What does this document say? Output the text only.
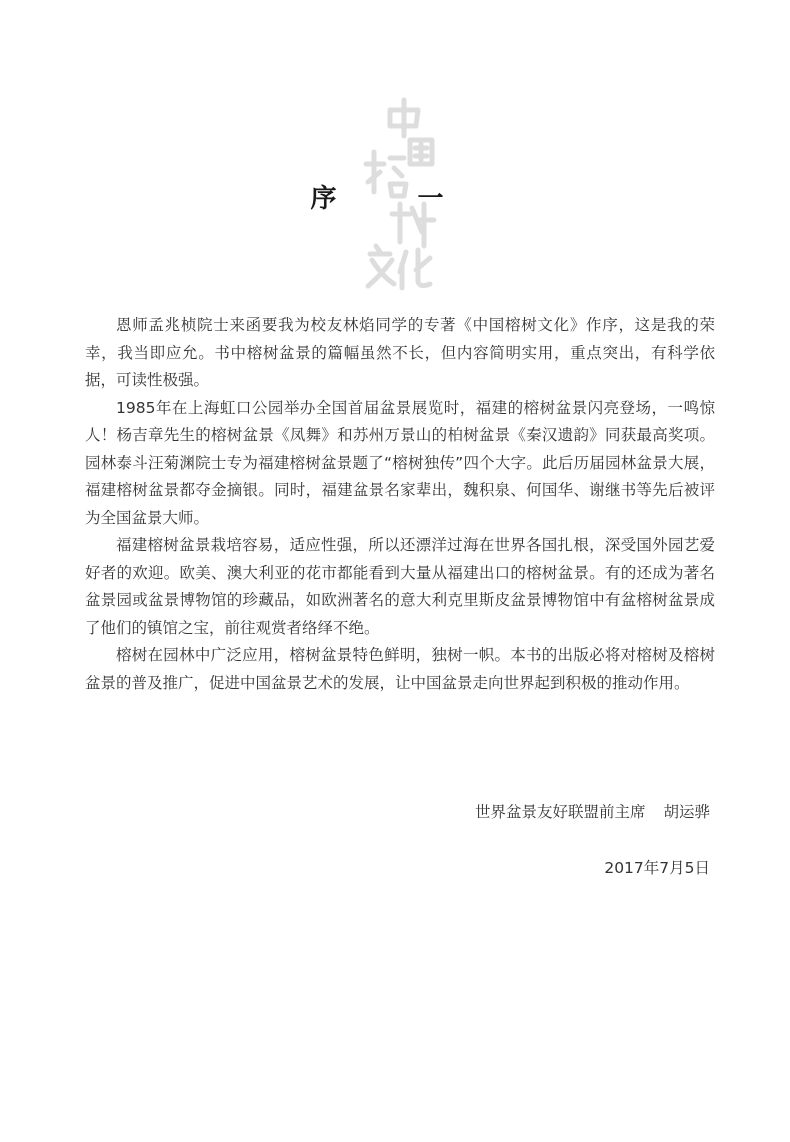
序 一

恩师孟兆桢院士来函要我为校友林焰同学的专著《中国榕树文化》作序，这是我的荣幸，我当即应允。书中榕树盆景的篇幅虽然不长，但内容简明实用，重点突出，有科学依据，可读性极强。

1985年在上海虹口公园举办全国首届盆景展览时，福建的榕树盆景闪亮登场，一鸣惊人！杨吉章先生的榕树盆景《凤舞》和苏州万景山的柏树盆景《秦汉遗韵》同获最高奖项。园林泰斗汪菊渊院士专为福建榕树盆景题了“榕树独传”四个大字。此后历届园林盆景大展，福建榕树盆景都夺金摘银。同时，福建盆景名家辈出，魏积泉、何国华、谢继书等先后被评为全国盆景大师。

福建榕树盆景栽培容易，适应性强，所以还漂洋过海在世界各国扎根，深受国外园艺爱好者的欢迎。欧美、澳大利亚的花市都能看到大量从福建出口的榕树盆景。有的还成为著名盆景园或盆景博物馆的珍藏品，如欧洲著名的意大利克里斯皮盆景博物馆中有盆榕树盆景成了他们的镇馆之宝，前往观赏者络绎不绝。

榕树在园林中广泛应用，榕树盆景特色鲜明，独树一帜。本书的出版必将对榕树及榕树盆景的普及推广，促进中国盆景艺术的发展，让中国盆景走向世界起到积极的推动作用。

世界盆景友好联盟前主席 胡运骅
2017年7月5日
